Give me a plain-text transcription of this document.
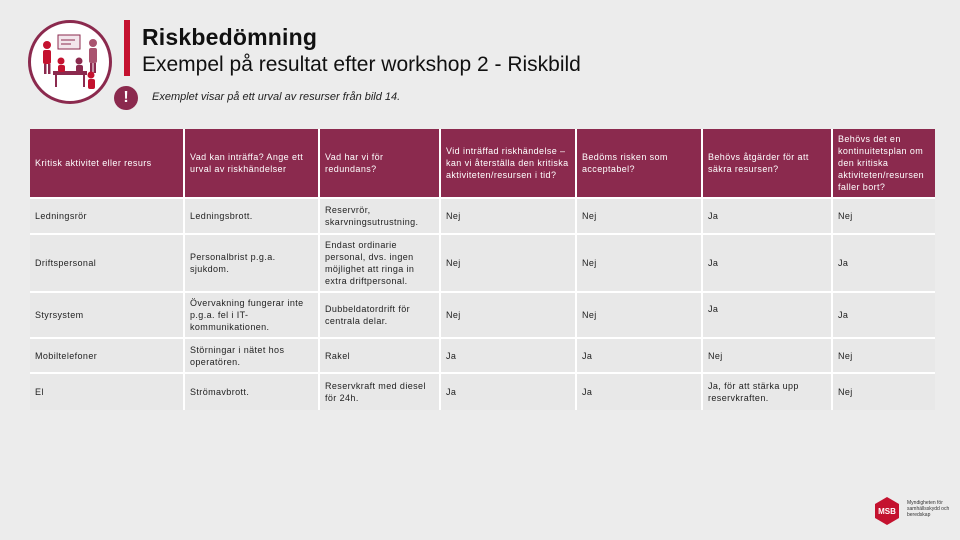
Riskbedömning
Exempel på resultat efter workshop 2 - Riskbild
!	Exemplet visar på ett urval av resurser från bild 14.
Kritisk aktivitet eller resurs	Vad kan inträffa? Ange ett urval av riskhändelser	Vad har vi för redundans?	Vid inträffad riskhändelse – kan vi återställa den kritiska aktiviteten/resursen i tid?	Bedöms risken som acceptabel?	Behövs åtgärder för att säkra resursen?	Behövs det en kontinuitetsplan om den kritiska aktiviteten/resursen faller bort?
Ledningsrör	Ledningsbrott.	Reservrör, skarvningsutrustning.	Nej	Nej	Ja	Nej
Driftspersonal	Personalbrist p.g.a. sjukdom.	Endast ordinarie personal, dvs. ingen möjlighet att ringa in extra driftpersonal.	Nej	Nej	Ja	Ja
Styrsystem	Övervakning fungerar inte p.g.a. fel i IT-kommunikationen.	Dubbeldatordrift för centrala delar.	Nej	Nej	Ja	Ja
Mobiltelefoner	Störningar i nätet hos operatören.	Rakel	Ja	Ja	Nej	Nej
El	Strömavbrott.	Reservkraft med diesel för 24h.	Ja	Ja	Ja, för att stärka upp reservkraften.	Nej
MSB
Myndigheten för samhällsskydd och beredskap
